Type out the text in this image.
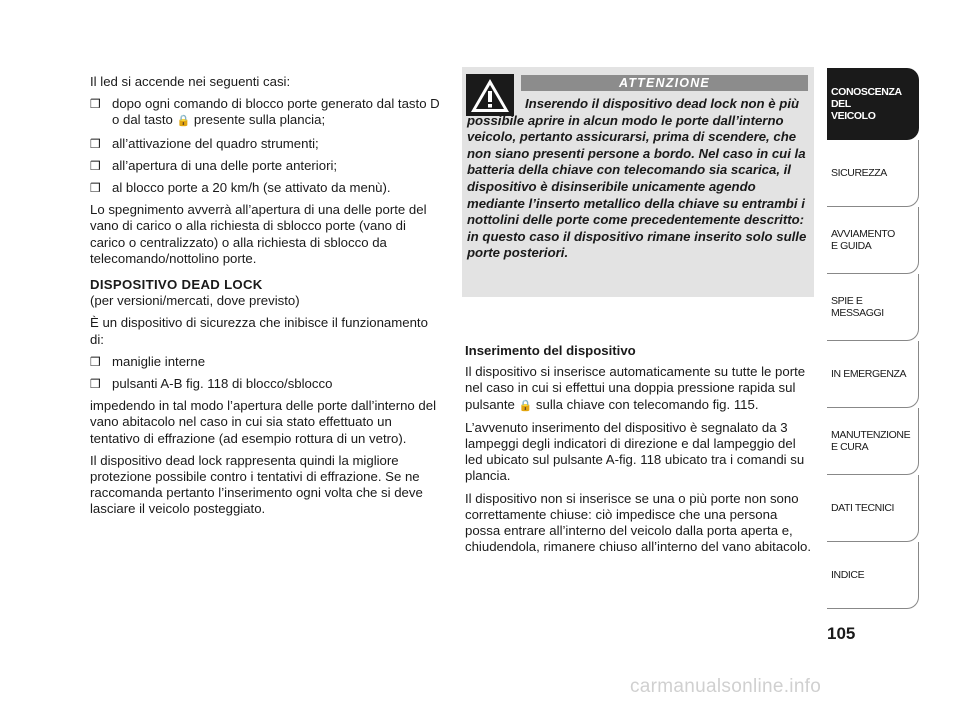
Il led si accende nei seguenti casi:

❒ dopo ogni comando di blocco porte generato dal tasto D o dal tasto 🔒 presente sulla plancia;
❒ all’attivazione del quadro strumenti;
❒ all’apertura di una delle porte anteriori;
❒ al blocco porte a 20 km/h (se attivato da menù).

Lo spegnimento avverrà all’apertura di una delle porte del vano di carico o alla richiesta di sblocco porte (vano di carico o centralizzato) o alla richiesta di sblocco da telecomando/nottolino porte.

DISPOSITIVO DEAD LOCK

(per versioni/mercati, dove previsto)

È un dispositivo di sicurezza che inibisce il funzionamento di:

❒ maniglie interne
❒ pulsanti A-B fig. 118 di blocco/sblocco

impedendo in tal modo l’apertura delle porte dall’interno del vano abitacolo nel caso in cui sia stato effettuato un tentativo di effrazione (ad esempio rottura di un vetro).

Il dispositivo dead lock rappresenta quindi la migliore protezione possibile contro i tentativi di effrazione. Se ne raccomanda pertanto l’inserimento ogni volta che si deve lasciare il veicolo posteggiato.

ATTENZIONE
Inserendo il dispositivo dead lock non è più possibile aprire in alcun modo le porte dall’interno veicolo, pertanto assicurarsi, prima di scendere, che non siano presenti persone a bordo. Nel caso in cui la batteria della chiave con telecomando sia scarica, il dispositivo è disinseribile unicamente agendo mediante l’inserto metallico della chiave su entrambi i nottolini delle porte come precedentemente descritto: in questo caso il dispositivo rimane inserito solo sulle porte posteriori.

Inserimento del dispositivo

Il dispositivo si inserisce automaticamente su tutte le porte nel caso in cui si effettui una doppia pressione rapida sul pulsante 🔒 sulla chiave con telecomando fig. 115.

L’avvenuto inserimento del dispositivo è segnalato da 3 lampeggi degli indicatori di direzione e dal lampeggio del led ubicato sul pulsante A-fig. 118 ubicato tra i comandi su plancia.

Il dispositivo non si inserisce se una o più porte non sono correttamente chiuse: ciò impedisce che una persona possa entrare all’interno del veicolo dalla porta aperta e, chiudendola, rimanere chiuso all’interno del vano abitacolo.

CONOSCENZA
DEL
VEICOLO
SICUREZZA
AVVIAMENTO
E GUIDA
SPIE E
MESSAGGI
IN EMERGENZA
MANUTENZIONE
E CURA
DATI TECNICI
INDICE
105
carmanualsonline.info
